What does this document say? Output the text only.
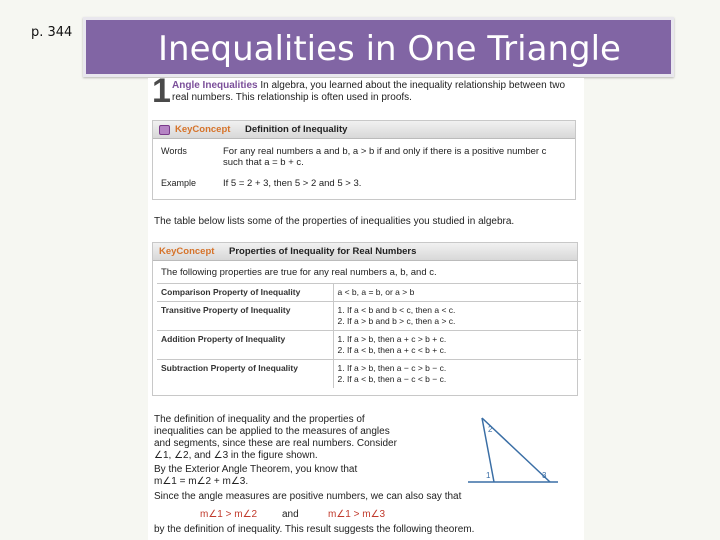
p. 344	Inequalities in One Triangle
1 Angle Inequalities In algebra, you learned about the inequality relationship between two real numbers. This relationship is often used in proofs.
KeyConcept Definition of Inequality
Words	For any real numbers a and b, a > b if and only if there is a positive number c
such that a = b + c.
Example	If 5 = 2 + 3, then 5 > 2 and 5 > 3.
The table below lists some of the properties of inequalities you studied in algebra.
KeyConcept Properties of Inequality for Real Numbers
The following properties are true for any real numbers a, b, and c.
Comparison Property of Inequality	a < b, a = b, or a > b

Transitive Property of Inequality	1. If a < b and b < c, then a < c.
2. If a > b and b > c, then a > c.

Addition Property of Inequality	1. If a > b, then a + c > b + c.
2. If a < b, then a + c < b + c.

Subtraction Property of Inequality	1. If a > b, then a − c > b − c.
2. If a < b, then a − c < b − c.
The definition of inequality and the properties of
inequalities can be applied to the measures of angles
and segments, since these are real numbers. Consider
∠1, ∠2, and ∠3 in the figure shown.
By the Exterior Angle Theorem, you know that
m∠1 = m∠2 + m∠3.
Since the angle measures are positive numbers, we can also say that
m∠1 > m∠2 and	m∠1 > m∠3
by the definition of inequality. This result suggests the following theorem.
2
1	3
